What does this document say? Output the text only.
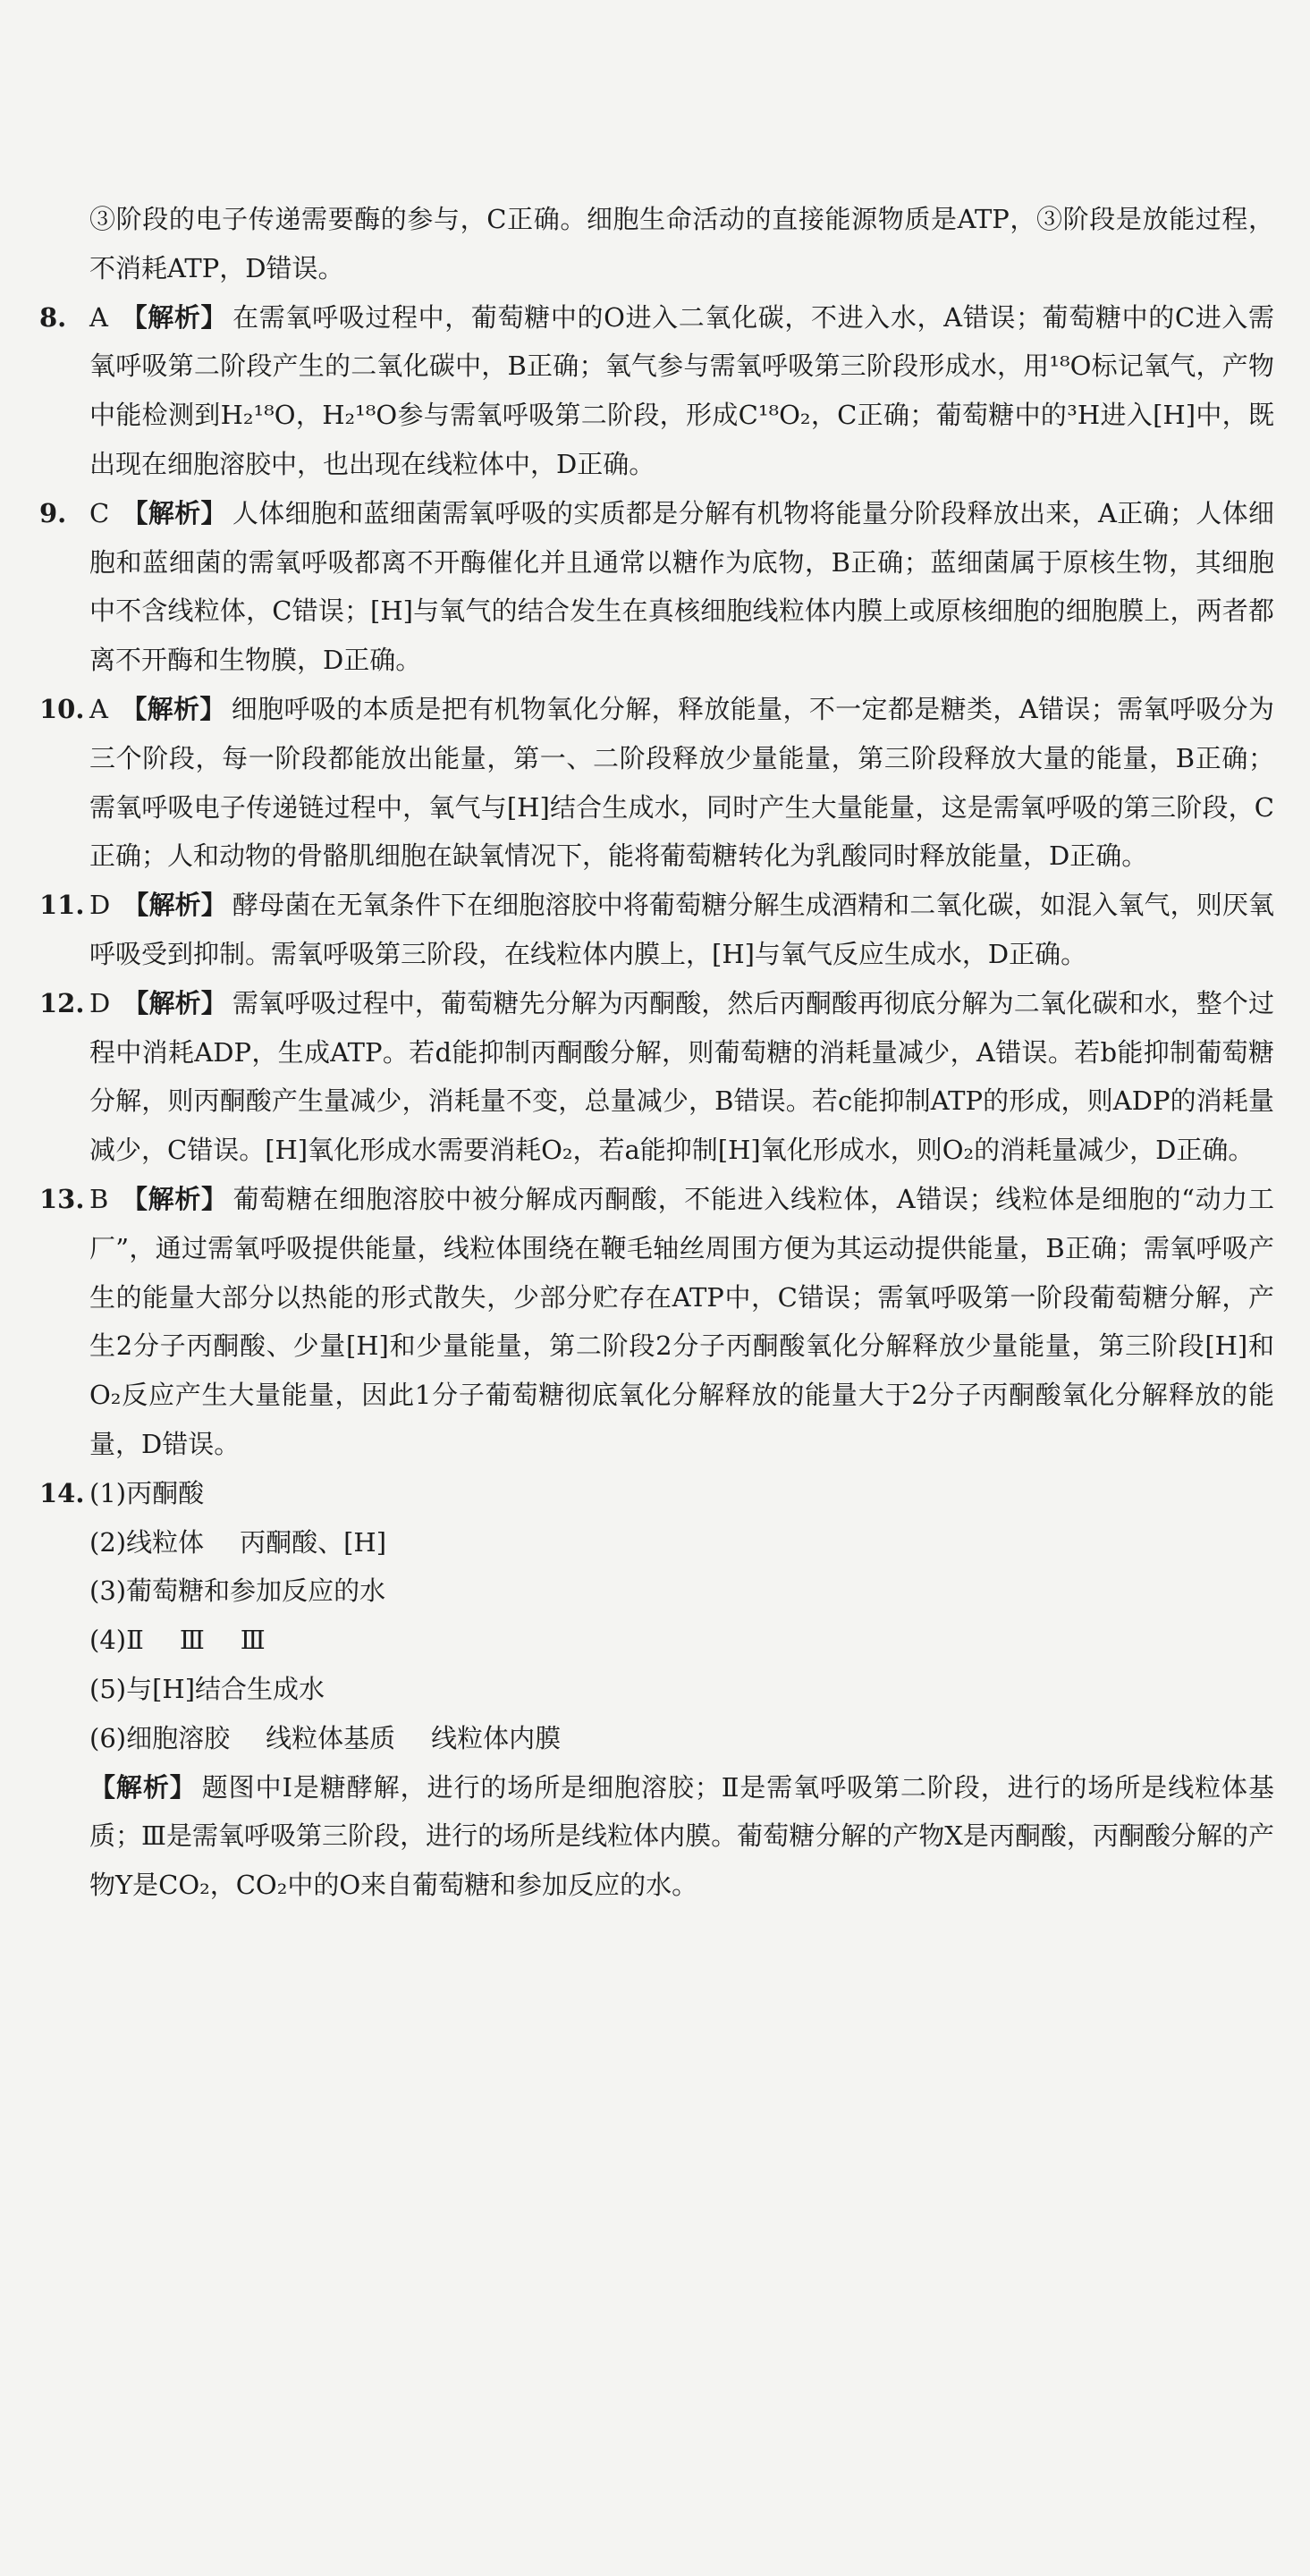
③阶段的电子传递需要酶的参与，C正确。细胞生命活动的直接能源物质是ATP，③阶段是放能过程，不消耗ATP，D错误。

8. A 【解析】 在需氧呼吸过程中，葡萄糖中的O进入二氧化碳，不进入水，A错误；葡萄糖中的C进入需氧呼吸第二阶段产生的二氧化碳中，B正确；氧气参与需氧呼吸第三阶段形成水，用¹⁸O标记氧气，产物中能检测到H₂¹⁸O，H₂¹⁸O参与需氧呼吸第二阶段，形成C¹⁸O₂，C正确；葡萄糖中的³H进入[H]中，既出现在细胞溶胶中，也出现在线粒体中，D正确。

9. C 【解析】 人体细胞和蓝细菌需氧呼吸的实质都是分解有机物将能量分阶段释放出来，A正确；人体细胞和蓝细菌的需氧呼吸都离不开酶催化并且通常以糖作为底物，B正确；蓝细菌属于原核生物，其细胞中不含线粒体，C错误；[H]与氧气的结合发生在真核细胞线粒体内膜上或原核细胞的细胞膜上，两者都离不开酶和生物膜，D正确。

10. A 【解析】 细胞呼吸的本质是把有机物氧化分解，释放能量，不一定都是糖类，A错误；需氧呼吸分为三个阶段，每一阶段都能放出能量，第一、二阶段释放少量能量，第三阶段释放大量的能量，B正确；需氧呼吸电子传递链过程中，氧气与[H]结合生成水，同时产生大量能量，这是需氧呼吸的第三阶段，C正确；人和动物的骨骼肌细胞在缺氧情况下，能将葡萄糖转化为乳酸同时释放能量，D正确。

11. D 【解析】 酵母菌在无氧条件下在细胞溶胶中将葡萄糖分解生成酒精和二氧化碳，如混入氧气，则厌氧呼吸受到抑制。需氧呼吸第三阶段，在线粒体内膜上，[H]与氧气反应生成水，D正确。

12. D 【解析】 需氧呼吸过程中，葡萄糖先分解为丙酮酸，然后丙酮酸再彻底分解为二氧化碳和水，整个过程中消耗ADP，生成ATP。若d能抑制丙酮酸分解，则葡萄糖的消耗量减少，A错误。若b能抑制葡萄糖分解，则丙酮酸产生量减少，消耗量不变，总量减少，B错误。若c能抑制ATP的形成，则ADP的消耗量减少，C错误。[H]氧化形成水需要消耗O₂，若a能抑制[H]氧化形成水，则O₂的消耗量减少，D正确。

13. B 【解析】 葡萄糖在细胞溶胶中被分解成丙酮酸，不能进入线粒体，A错误；线粒体是细胞的“动力工厂”，通过需氧呼吸提供能量，线粒体围绕在鞭毛轴丝周围方便为其运动提供能量，B正确；需氧呼吸产生的能量大部分以热能的形式散失，少部分贮存在ATP中，C错误；需氧呼吸第一阶段葡萄糖分解，产生2分子丙酮酸、少量[H]和少量能量，第二阶段2分子丙酮酸氧化分解释放少量能量，第三阶段[H]和O₂反应产生大量能量，因此1分子葡萄糖彻底氧化分解释放的能量大于2分子丙酮酸氧化分解释放的能量，D错误。

14. (1)丙酮酸
(2)线粒体 丙酮酸、[H]
(3)葡萄糖和参加反应的水
(4)Ⅱ Ⅲ Ⅲ
(5)与[H]结合生成水
(6)细胞溶胶 线粒体基质 线粒体内膜
【解析】 题图中Ⅰ是糖酵解，进行的场所是细胞溶胶；Ⅱ是需氧呼吸第二阶段，进行的场所是线粒体基质；Ⅲ是需氧呼吸第三阶段，进行的场所是线粒体内膜。葡萄糖分解的产物X是丙酮酸，丙酮酸分解的产物Y是CO₂，CO₂中的O来自葡萄糖和参加反应的水。
